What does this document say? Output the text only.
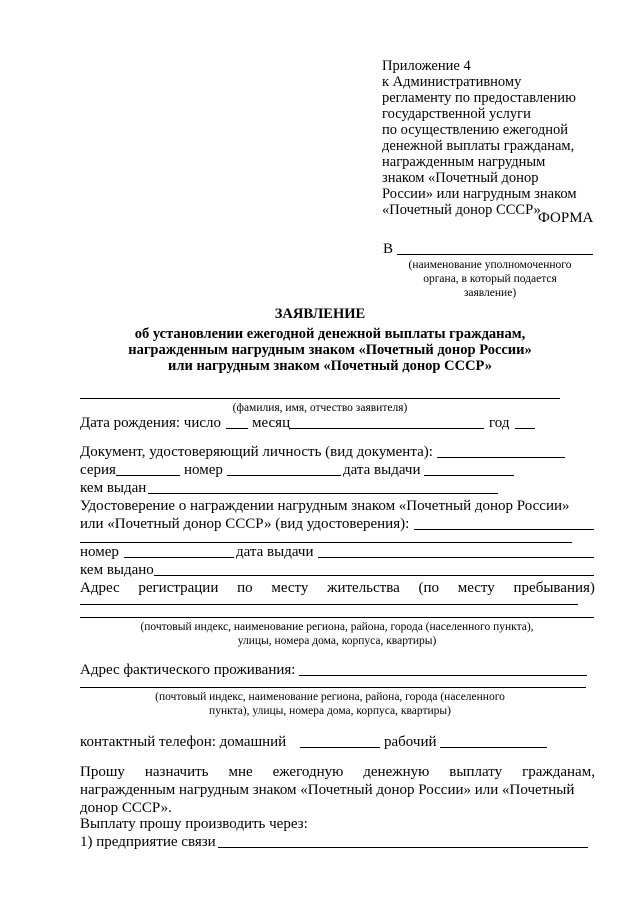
Приложение 4
к Административному
регламенту по предоставлению
государственной услуги
по осуществлению ежегодной
денежной выплаты гражданам,
награжденным нагрудным
знаком «Почетный донор
России» или нагрудным знаком
«Почетный донор СССР»
ФОРМА
В
(наименование уполномоченного
органа, в который подается
заявление)
ЗАЯВЛЕНИЕ
об установлении ежегодной денежной выплаты гражданам,
награжденным нагрудным знаком «Почетный донор России»
или нагрудным знаком «Почетный донор СССР»
(фамилия, имя, отчество заявителя)
Дата рождения: число месяц	год
Документ, удостоверяющий личность (вид документа):
серия	номер	дата выдачи
кем выдан
Удостоверение о награждении нагрудным знаком «Почетный донор России»
или «Почетный донор СССР» (вид удостоверения):
номер	дата выдачи
кем выдано
Адрес регистрации по месту жительства (по месту пребывания)
(почтовый индекс, наименование региона, района, города (населенного пункта),
улицы, номера дома, корпуса, квартиры)
Адрес фактического проживания:
(почтовый индекс, наименование региона, района, города (населенного
пункта), улицы, номера дома, корпуса, квартиры)
контактный телефон: домашний	рабочий
Прошу назначить мне ежегодную денежную выплату гражданам,
награжденным нагрудным знаком «Почетный донор России» или «Почетный
донор СССР».
Выплату прошу производить через:
1) предприятие связи
